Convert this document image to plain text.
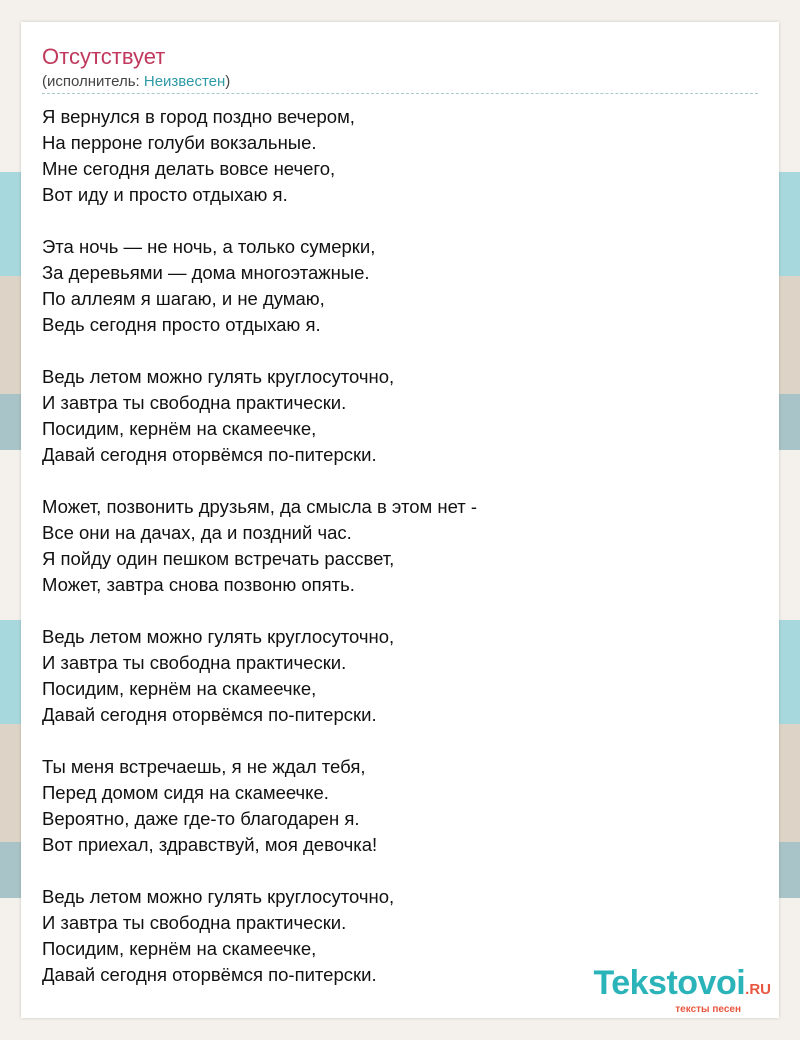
Отсутствует
(исполнитель: Неизвестен)
Я вернулся в город поздно вечером,
На перроне голуби вокзальные.
Мне сегодня делать вовсе нечего,
Вот иду и просто отдыхаю я.
Эта ночь — не ночь, а только сумерки,
За деревьями — дома многоэтажные.
По аллеям я шагаю, и не думаю,
Ведь сегодня просто отдыхаю я.
Ведь летом можно гулять круглосуточно,
И завтра ты свободна практически.
Посидим, кернём на скамеечке,
Давай сегодня оторвёмся по-питерски.
Может, позвонить друзьям, да смысла в этом нет -
Все они на дачах, да и поздний час.
Я пойду один пешком встречать рассвет,
Может, завтра снова позвоню опять.
Ведь летом можно гулять круглосуточно,
И завтра ты свободна практически.
Посидим, кернём на скамеечке,
Давай сегодня оторвёмся по-питерски.
Ты меня встречаешь, я не ждал тебя,
Перед домом сидя на скамеечке.
Вероятно, даже где-то благодарен я.
Вот приехал, здравствуй, моя девочка!
Ведь летом можно гулять круглосуточно,
И завтра ты свободна практически.
Посидим, кернём на скамеечке,
Давай сегодня оторвёмся по-питерски.	Tekstovoi.RU
тексты песен
